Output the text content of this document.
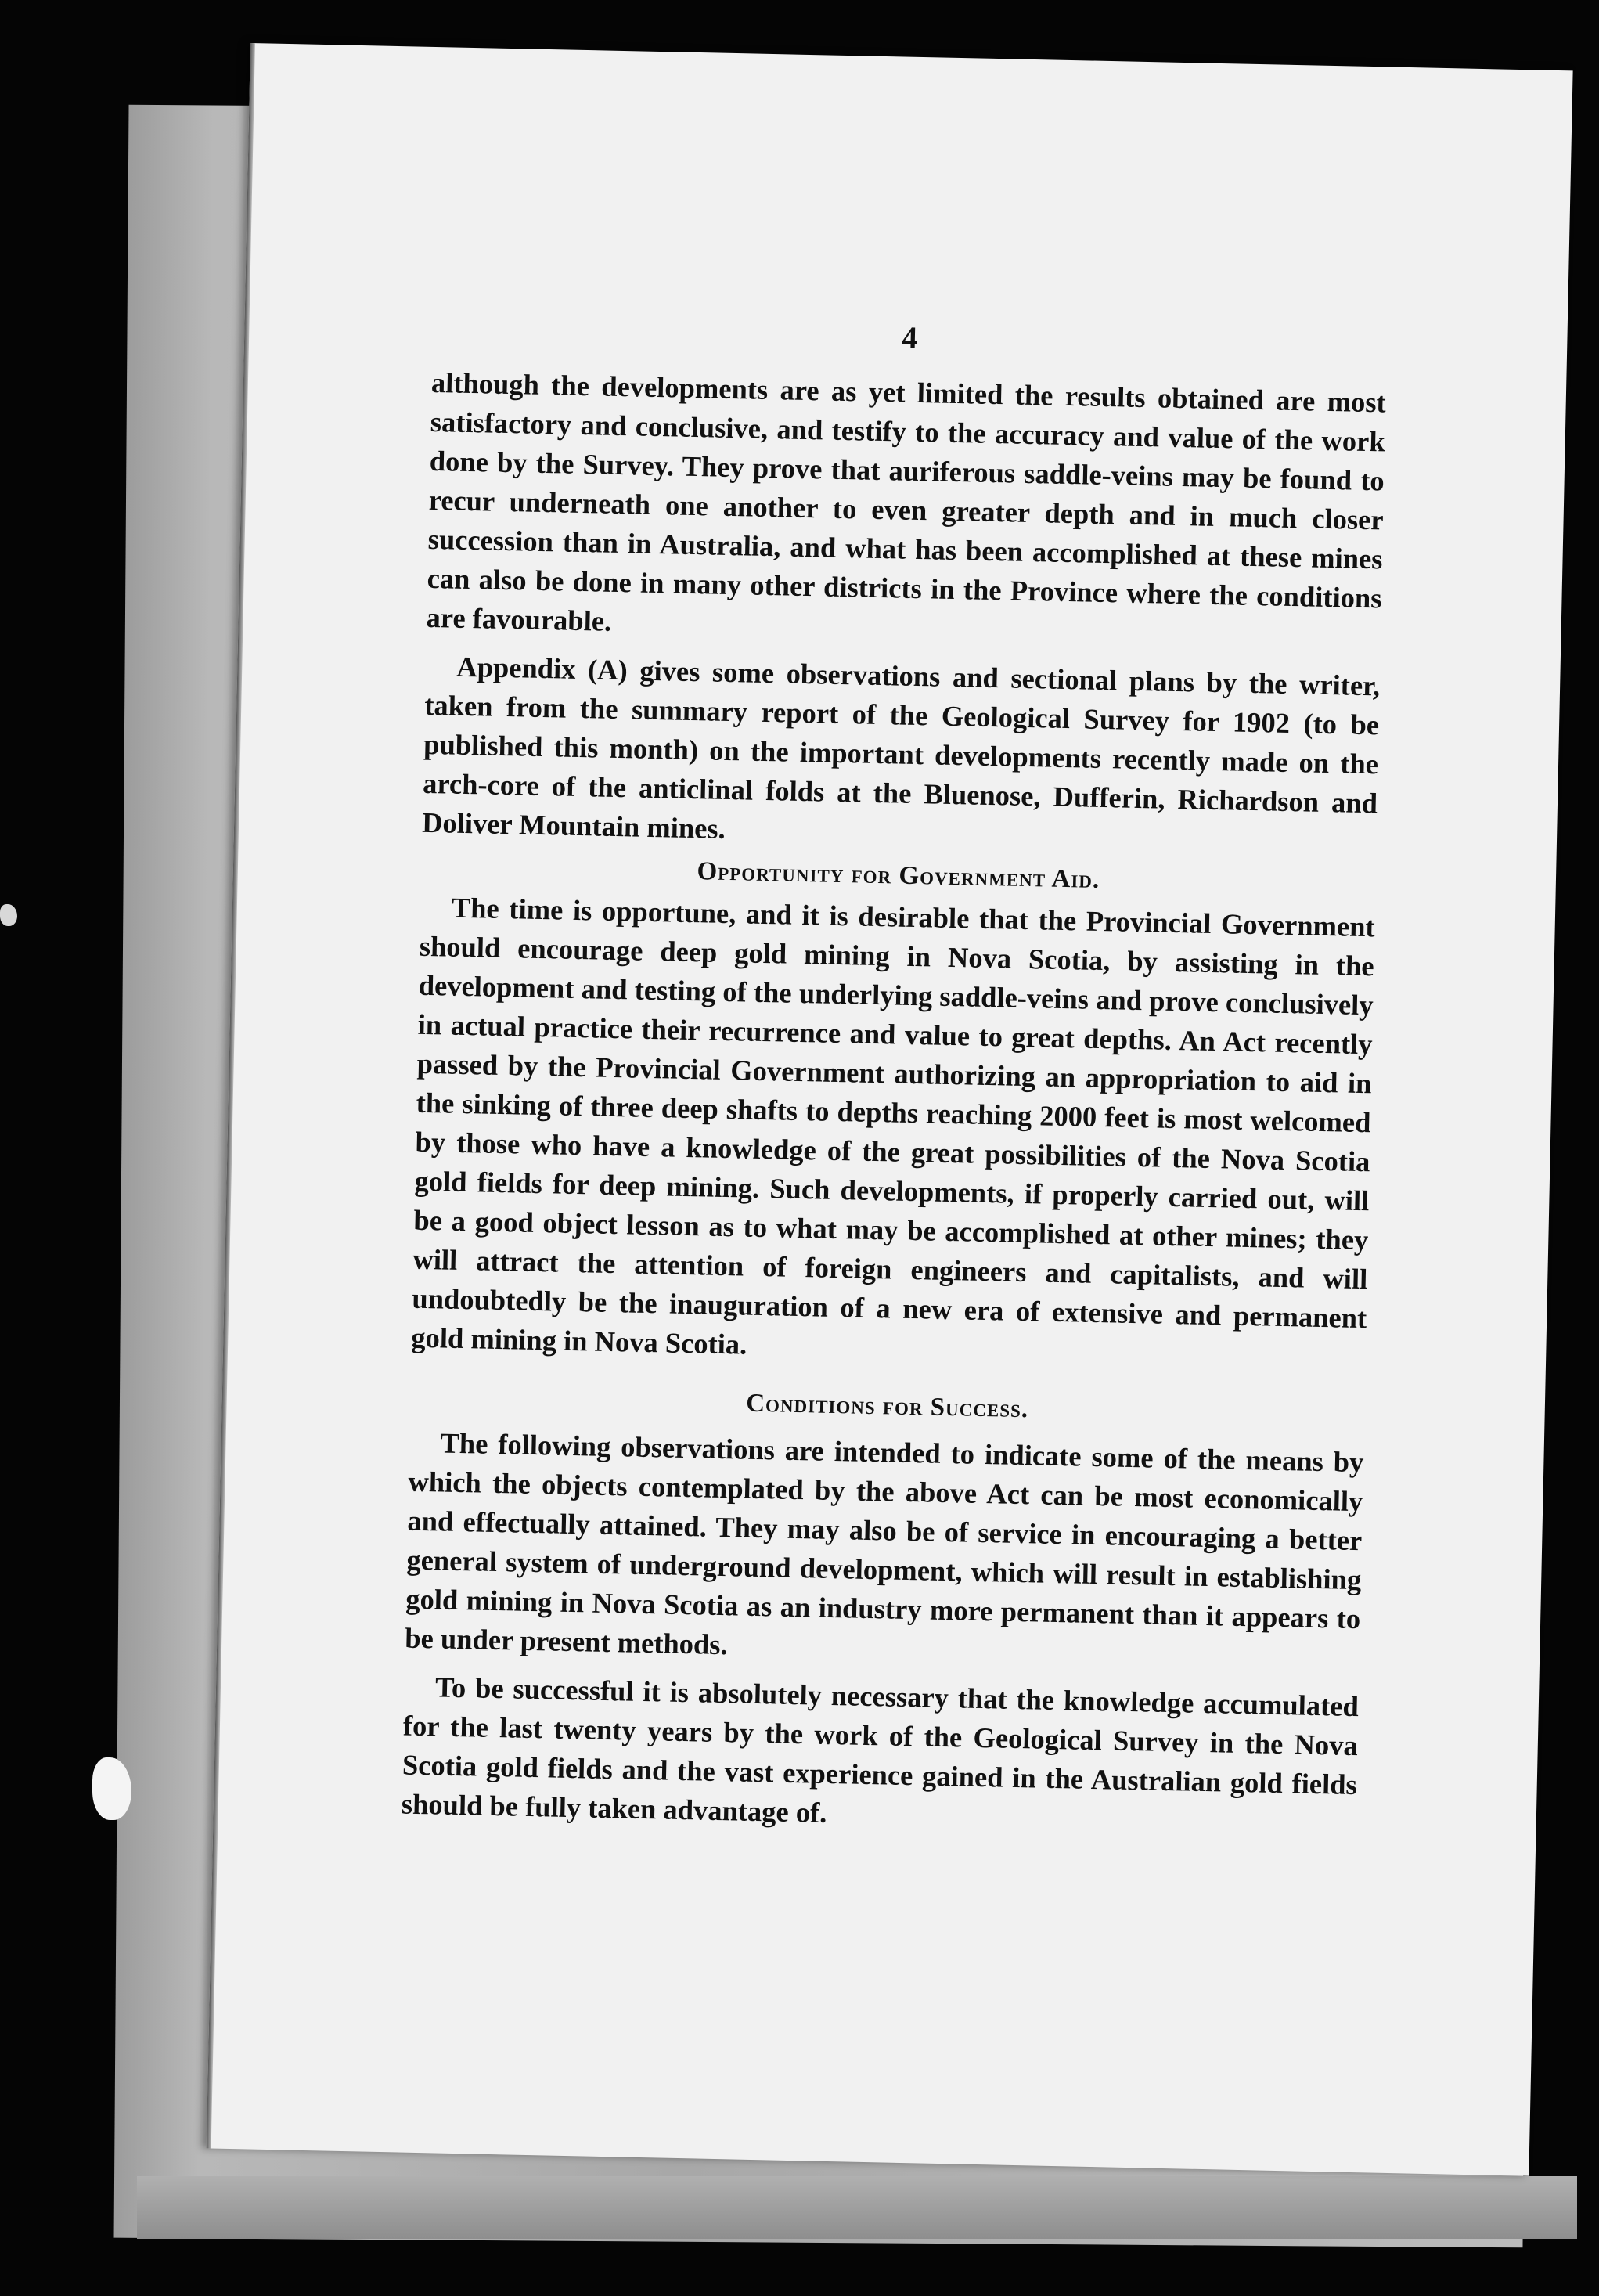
4

although the developments are as yet limited the results obtained are most satisfactory and conclusive, and testify to the accuracy and value of the work done by the Survey. They prove that auriferous saddle-veins may be found to recur underneath one another to even greater depth and in much closer succession than in Australia, and what has been accomplished at these mines can also be done in many other districts in the Province where the conditions are favourable.

Appendix (A) gives some observations and sectional plans by the writer, taken from the summary report of the Geological Survey for 1902 (to be published this month) on the important developments recently made on the arch-core of the anticlinal folds at the Bluenose, Dufferin, Richardson and Doliver Mountain mines.

Opportunity for Government Aid.

The time is opportune, and it is desirable that the Provincial Government should encourage deep gold mining in Nova Scotia, by assisting in the development and testing of the underlying saddle-veins and prove conclusively in actual practice their recurrence and value to great depths. An Act recently passed by the Provincial Government authorizing an appropriation to aid in the sinking of three deep shafts to depths reaching 2000 feet is most welcomed by those who have a knowledge of the great possibilities of the Nova Scotia gold fields for deep mining. Such developments, if properly carried out, will be a good object lesson as to what may be accomplished at other mines; they will attract the attention of foreign engineers and capitalists, and will undoubtedly be the inauguration of a new era of extensive and permanent gold mining in Nova Scotia.

Conditions for Success.

The following observations are intended to indicate some of the means by which the objects contemplated by the above Act can be most economically and effectually attained. They may also be of service in encouraging a better general system of underground development, which will result in establishing gold mining in Nova Scotia as an industry more permanent than it appears to be under present methods.

To be successful it is absolutely necessary that the knowledge accumulated for the last twenty years by the work of the Geological Survey in the Nova Scotia gold fields and the vast experience gained in the Australian gold fields should be fully taken advantage of.
